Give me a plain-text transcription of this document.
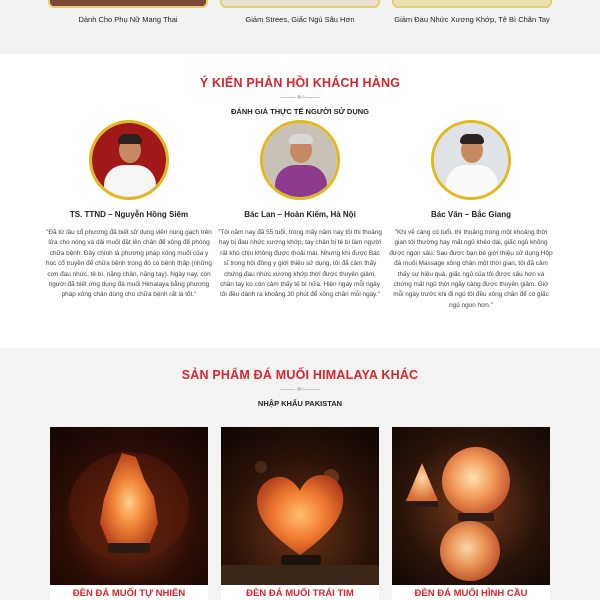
Dành Cho Phụ Nữ Mang Thai	Giảm Strees, Giấc Ngủ Sâu Hơn	Giảm Đau Nhức Xương Khớp, Tê Bì Chân Tay
Ý KIẾN PHẢN HỒI KHÁCH HÀNG
ĐÁNH GIÁ THỰC TẾ NGƯỜI SỬ DỤNG
TS. TTND – Nguyễn Hồng Siêm
"Đã từ lâu cổ phương đã biết sử dụng viên nung gạch trên lửa cho nóng và dải muối đặt lên chân để xông để phòng chữa bệnh. Đây chính là phương pháp xông muối của y học cổ truyền để chữa bệnh trong đó có bệnh thấp (những cơn đau nhức, tê bì, nặng chân, nặng tay). Ngày nay, còn người đã biết ứng dụng đá muối Himalaya bằng phương pháp xông chân dùng cho chữa bệnh rất là tốt."
Bác Lan – Hoàn Kiếm, Hà Nội
"Tôi năm nay đã 55 tuổi, trong mấy năm nay tôi thi thoảng hay bị đau nhức xương khớp, tay chân bị tê bì làm người rất khó chịu không được thoải mái. Nhưng khi được Bác sĩ trong hội đồng y giới thiệu sử dụng, tôi đã cảm thấy chứng đau nhức xương khớp thời được thuyên giảm, chân tay ko còn cảm thấy tê bì nữa. Hiện ngay mỗi ngày tôi đều dành ra khoảng 30 phút để xông chân mỗi ngày."
Bác Văn – Bắc Giang
"Khi về càng có tuổi, thì thoảng trong một khoảng thời gian tôi thường hay mất ngủ khéo dài, giấc ngủ không được ngon sâu. Sau được bạn bè giới thiệu sử dụng Hộp đá muối Massage xông chân một thời gian, tôi đã cảm thấy sự hiệu quả, giấc ngủ của tôi được sâu hơn và chứng mất ngủ thời ngày càng được thuyên giảm. Giờ mỗi ngày trước khi đi ngủ tôi đều xông chân để có giấc ngủ ngon hơn."
SẢN PHẨM ĐÁ MUỐI HIMALAYA KHÁC
NHẬP KHẨU PAKISTAN
ĐÈN ĐÁ MUỐI TỰ NHIÊN	ĐÈN ĐÁ MUỐI TRÁI TIM	ĐÈN ĐÁ MUỐI HÌNH CẦU
